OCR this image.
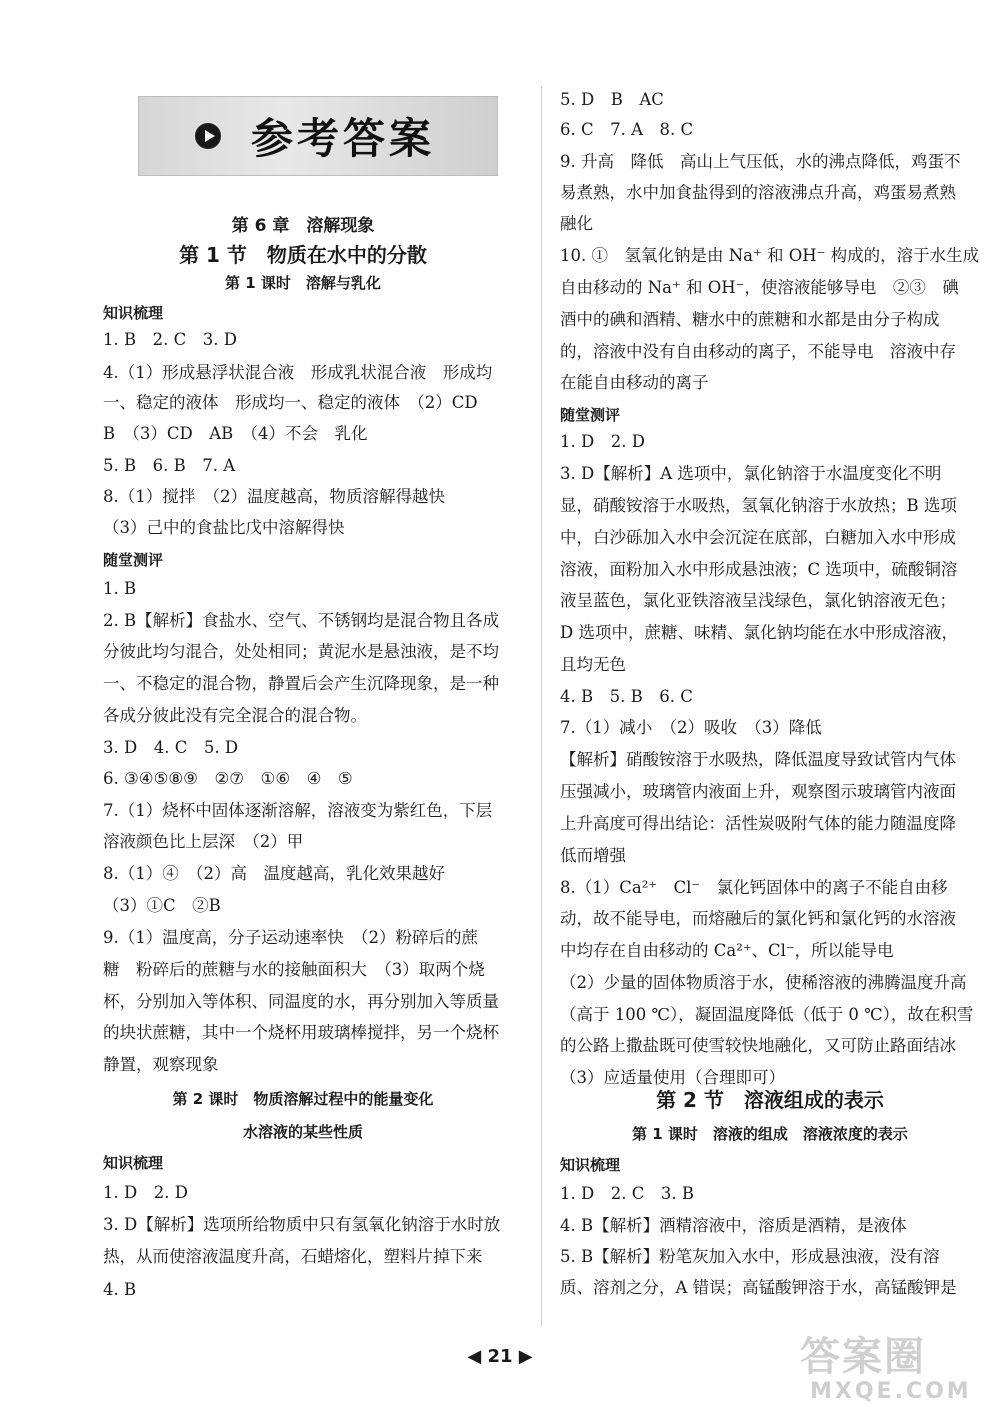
参考答案
第 6 章　溶解现象
第 1 节　物质在水中的分散
第 1 课时　溶解与乳化
知识梳理
1. B　2. C　3. D
4.（1）形成悬浮状混合液　形成乳状混合液　形成均
一、稳定的液体　形成均一、稳定的液体　（2）CD
B　（3）CD　AB　（4）不会　乳化
5. B　6. B　7. A
8.（1）搅拌　（2）温度越高，物质溶解得越快
（3）己中的食盐比戊中溶解得快
随堂测评
1. B
2. B【解析】食盐水、空气、不锈钢均是混合物且各成
分彼此均匀混合，处处相同；黄泥水是悬浊液，是不均
一、不稳定的混合物，静置后会产生沉降现象，是一种
各成分彼此没有完全混合的混合物。
3. D　4. C　5. D
6. ③④⑤⑧⑨　②⑦　①⑥　④　⑤
7.（1）烧杯中固体逐渐溶解，溶液变为紫红色，下层
溶液颜色比上层深　（2）甲
8.（1）④　（2）高　温度越高，乳化效果越好
（3）①C　②B
9.（1）温度高，分子运动速率快　（2）粉碎后的蔗
糖　粉碎后的蔗糖与水的接触面积大　（3）取两个烧
杯，分别加入等体积、同温度的水，再分别加入等质量
的块状蔗糖，其中一个烧杯用玻璃棒搅拌，另一个烧杯
静置，观察现象
第 2 课时　物质溶解过程中的能量变化
水溶液的某些性质
知识梳理
1. D　2. D
3. D【解析】选项所给物质中只有氢氧化钠溶于水时放
热，从而使溶液温度升高，石蜡熔化，塑料片掉下来
4. B
5. D　B　AC
6. C　7. A　8. C
9. 升高　降低　高山上气压低，水的沸点降低，鸡蛋不
易煮熟，水中加食盐得到的溶液沸点升高，鸡蛋易煮熟
融化
10. ①　氢氧化钠是由 Na⁺ 和 OH⁻ 构成的，溶于水生成
自由移动的 Na⁺ 和 OH⁻，使溶液能够导电　②③　碘
酒中的碘和酒精、糖水中的蔗糖和水都是由分子构成
的，溶液中没有自由移动的离子，不能导电　溶液中存
在能自由移动的离子
随堂测评
1. D　2. D
3. D【解析】A 选项中，氯化钠溶于水温度变化不明
显，硝酸铵溶于水吸热，氢氧化钠溶于水放热；B 选项
中，白沙砾加入水中会沉淀在底部，白糖加入水中形成
溶液，面粉加入水中形成悬浊液；C 选项中，硫酸铜溶
液呈蓝色，氯化亚铁溶液呈浅绿色，氯化钠溶液无色；
D 选项中，蔗糖、味精、氯化钠均能在水中形成溶液，
且均无色
4. B　5. B　6. C
7.（1）减小　（2）吸收　（3）降低
【解析】硝酸铵溶于水吸热，降低温度导致试管内气体
压强减小，玻璃管内液面上升，观察图示玻璃管内液面
上升高度可得出结论：活性炭吸附气体的能力随温度降
低而增强
8.（1）Ca²⁺　Cl⁻　氯化钙固体中的离子不能自由移
动，故不能导电，而熔融后的氯化钙和氯化钙的水溶液
中均存在自由移动的 Ca²⁺、Cl⁻，所以能导电
（2）少量的固体物质溶于水，使稀溶液的沸腾温度升高
（高于 100 ℃），凝固温度降低（低于 0 ℃），故在积雪
的公路上撒盐既可使雪较快地融化，又可防止路面结冰
（3）应适量使用（合理即可）
第 2 节　溶液组成的表示
第 1 课时　溶液的组成　溶液浓度的表示
知识梳理
1. D　2. C　3. B
4. B【解析】酒精溶液中，溶质是酒精，是液体
5. B【解析】粉笔灰加入水中，形成悬浊液，没有溶
质、溶剂之分，A 错误；高锰酸钾溶于水，高锰酸钾是
◀ 21 ▶	答案圈
MXQE.COM
